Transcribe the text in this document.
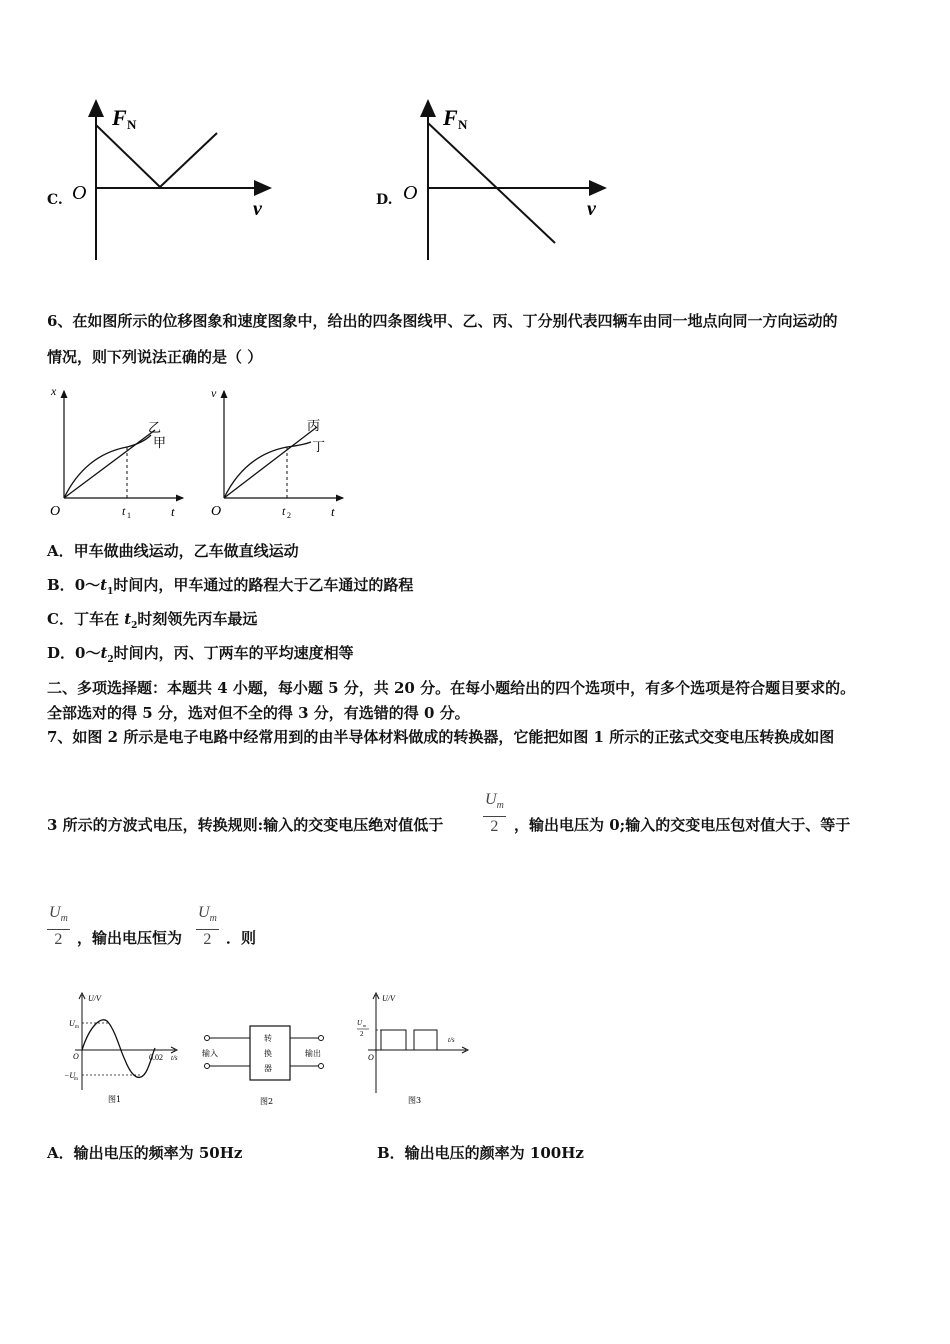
C.
F N
O
v	D.
F N
O
v
6、在如图所示的位移图象和速度图象中，给出的四条图线甲、乙、丙、丁分别代表四辆车由同一地点向同一方向运动的
情况，则下列说法正确的是（ ）
x
O	t
t 1
乙
甲
v
O	t
t 2
丙
丁
A．甲车做曲线运动，乙车做直线运动
B．$0\sim t_1$时间内，甲车通过的路程大于乙车通过的路程
C．丁车在 $t_2$时刻领先丙车最远
D．$0\sim t_2$时间内，丙、丁两车的平均速度相等
二、多项选择题：本题共 4 小题，每小题 5 分，共 20 分。在每小题给出的四个选项中，有多个选项是符合题目要求的。
全部选对的得 5 分，选对但不全的得 3 分，有选错的得 0 分。
7、如图 2 所示是电子电路中经常用到的由半导体材料做成的转换器，它能把如图 1 所示的正弦式交变电压转换成如图
3 所示的方波式电压，转换规则:输入的交变电压绝对值低于 $\frac{U_m}{2}$ ，输出电压为 0;输入的交变电压包对值大于、等于
$\frac{U_m}{2}$ ，输出电压恒为 $\frac{U_m}{2}$ ．则
U/V
U m
O
−U
m
0.02 t/s
图1
转
换
器
输入	输出
图2
U/V
U m
2
O
t/s
图3
A．输出电压的频率为 50Hz	B．输出电压的颜率为 100Hz
